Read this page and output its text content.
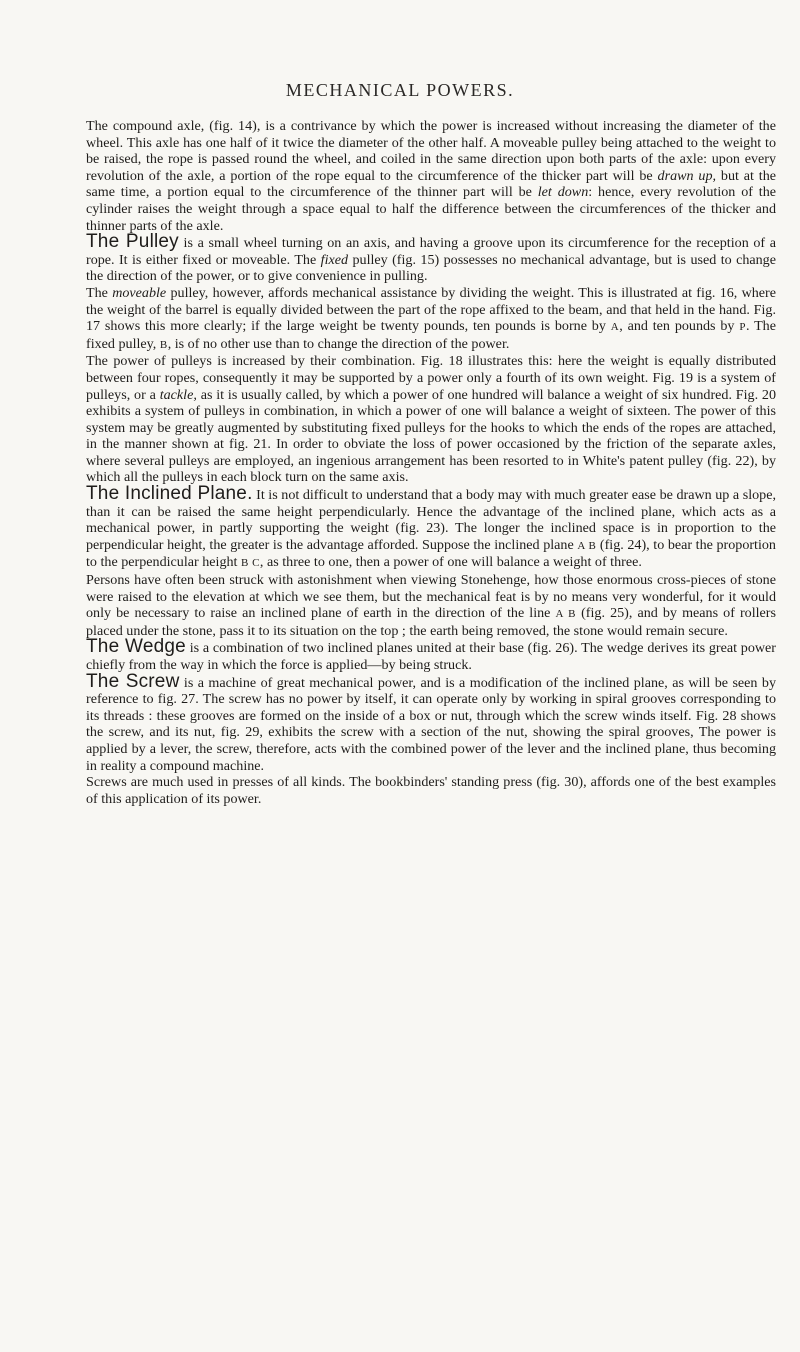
MECHANICAL POWERS.

The compound axle, (fig. 14), is a contrivance by which the power is increased without increasing the diameter of the wheel. This axle has one half of it twice the diameter of the other half. A moveable pulley being attached to the weight to be raised, the rope is passed round the wheel, and coiled in the same direction upon both parts of the axle: upon every revolution of the axle, a portion of the rope equal to the circumference of the thicker part will be drawn up, but at the same time, a portion equal to the circumference of the thinner part will be let down: hence, every revolution of the cylinder raises the weight through a space equal to half the difference between the circumferences of the thicker and thinner parts of the axle.

The Pulley is a small wheel turning on an axis, and having a groove upon its circumference for the reception of a rope. It is either fixed or moveable. The fixed pulley (fig. 15) possesses no mechanical advantage, but is used to change the direction of the power, or to give convenience in pulling.

The moveable pulley, however, affords mechanical assistance by dividing the weight. This is illustrated at fig. 16, where the weight of the barrel is equally divided between the part of the rope affixed to the beam, and that held in the hand. Fig. 17 shows this more clearly; if the large weight be twenty pounds, ten pounds is borne by A, and ten pounds by P. The fixed pulley, B, is of no other use than to change the direction of the power.

The power of pulleys is increased by their combination. Fig. 18 illustrates this: here the weight is equally distributed between four ropes, consequently it may be supported by a power only a fourth of its own weight. Fig. 19 is a system of pulleys, or a tackle, as it is usually called, by which a power of one hundred will balance a weight of six hundred. Fig. 20 exhibits a system of pulleys in combination, in which a power of one will balance a weight of sixteen. The power of this system may be greatly augmented by substituting fixed pulleys for the hooks to which the ends of the ropes are attached, in the manner shown at fig. 21. In order to obviate the loss of power occasioned by the friction of the separate axles, where several pulleys are employed, an ingenious arrangement has been resorted to in White's patent pulley (fig. 22), by which all the pulleys in each block turn on the same axis.

The Inclined Plane. It is not difficult to understand that a body may with much greater ease be drawn up a slope, than it can be raised the same height perpendicularly. Hence the advantage of the inclined plane, which acts as a mechanical power, in partly supporting the weight (fig. 23). The longer the inclined space is in proportion to the perpendicular height, the greater is the advantage afforded. Suppose the inclined plane A B (fig. 24), to bear the proportion to the perpendicular height B C, as three to one, then a power of one will balance a weight of three.

Persons have often been struck with astonishment when viewing Stonehenge, how those enormous cross-pieces of stone were raised to the elevation at which we see them, but the mechanical feat is by no means very wonderful, for it would only be necessary to raise an inclined plane of earth in the direction of the line A B (fig. 25), and by means of rollers placed under the stone, pass it to its situation on the top ; the earth being removed, the stone would remain secure.

The Wedge is a combination of two inclined planes united at their base (fig. 26). The wedge derives its great power chiefly from the way in which the force is applied—by being struck.

The Screw is a machine of great mechanical power, and is a modification of the inclined plane, as will be seen by reference to fig. 27. The screw has no power by itself, it can operate only by working in spiral grooves corresponding to its threads : these grooves are formed on the inside of a box or nut, through which the screw winds itself. Fig. 28 shows the screw, and its nut, fig. 29, exhibits the screw with a section of the nut, showing the spiral grooves, The power is applied by a lever, the screw, therefore, acts with the combined power of the lever and the inclined plane, thus becoming in reality a compound machine.

Screws are much used in presses of all kinds. The bookbinders' standing press (fig. 30), affords one of the best examples of this application of its power.
